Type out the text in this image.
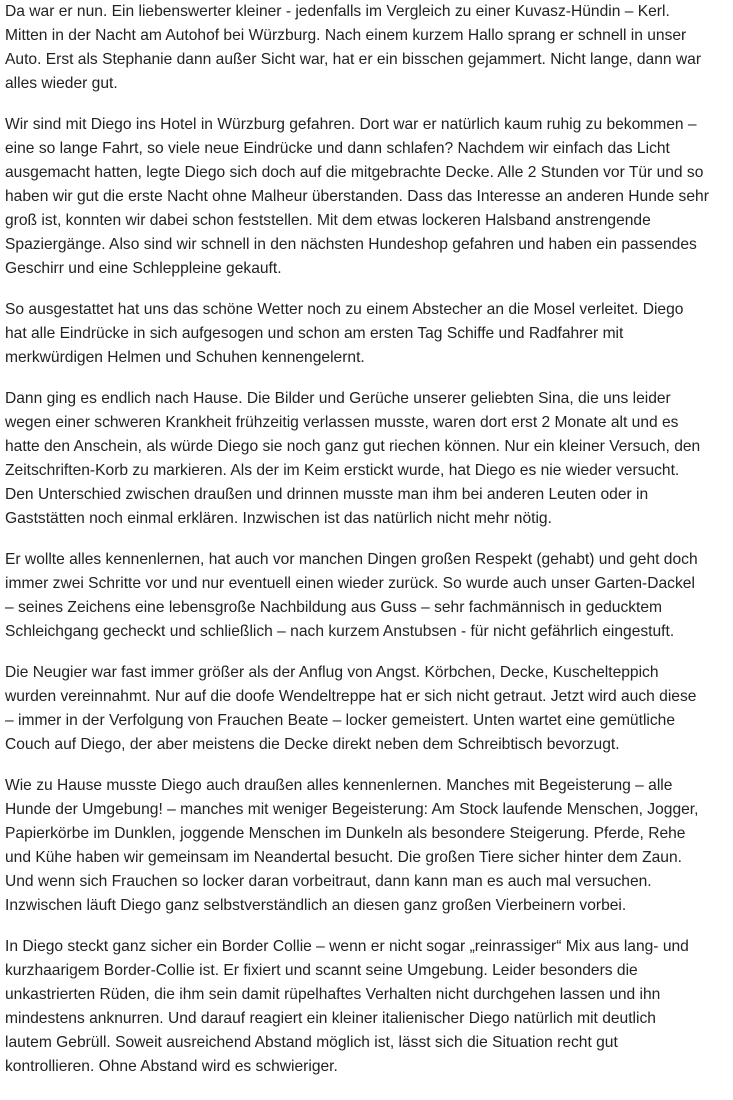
Da war er nun. Ein liebenswerter kleiner - jedenfalls im Vergleich zu einer Kuvasz-Hündin – Kerl.
Mitten in der Nacht am Autohof bei Würzburg. Nach einem kurzem Hallo sprang er schnell in unser
Auto. Erst als Stephanie dann außer Sicht war, hat er ein bisschen gejammert. Nicht lange, dann war
alles wieder gut.
Wir sind mit Diego ins Hotel in Würzburg gefahren. Dort war er natürlich kaum ruhig zu bekommen –
eine so lange Fahrt, so viele neue Eindrücke und dann schlafen? Nachdem wir einfach das Licht
ausgemacht hatten, legte Diego sich doch auf die mitgebrachte Decke. Alle 2 Stunden vor Tür und so
haben wir gut die erste Nacht ohne Malheur überstanden. Dass das Interesse an anderen Hunde sehr
groß ist, konnten wir dabei schon feststellen. Mit dem etwas lockeren Halsband anstrengende
Spaziergänge. Also sind wir schnell in den nächsten Hundeshop gefahren und haben ein passendes
Geschirr und eine Schleppleine gekauft.
So ausgestattet hat uns das schöne Wetter noch zu einem Abstecher an die Mosel verleitet. Diego
hat alle Eindrücke in sich aufgesogen und schon am ersten Tag Schiffe und Radfahrer mit
merkwürdigen Helmen und Schuhen kennengelernt.
Dann ging es endlich nach Hause. Die Bilder und Gerüche unserer geliebten Sina, die uns leider
wegen einer schweren Krankheit frühzeitig verlassen musste, waren dort erst 2 Monate alt und es
hatte den Anschein, als würde Diego sie noch ganz gut riechen können. Nur ein kleiner Versuch, den
Zeitschriften-Korb zu markieren. Als der im Keim erstickt wurde, hat Diego es nie wieder versucht.
Den Unterschied zwischen draußen und drinnen musste man ihm bei anderen Leuten oder in
Gaststätten noch einmal erklären. Inzwischen ist das natürlich nicht mehr nötig.
Er wollte alles kennenlernen, hat auch vor manchen Dingen großen Respekt (gehabt) und geht doch
immer zwei Schritte vor und nur eventuell einen wieder zurück. So wurde auch unser Garten-Dackel
– seines Zeichens eine lebensgroße Nachbildung aus Guss – sehr fachmännisch in geducktem
Schleichgang gecheckt und schließlich – nach kurzem Anstubsen - für nicht gefährlich eingestuft.
Die Neugier war fast immer größer als der Anflug von Angst. Körbchen, Decke, Kuschelteppich
wurden vereinnahmt. Nur auf die doofe Wendeltreppe hat er sich nicht getraut. Jetzt wird auch diese
– immer in der Verfolgung von Frauchen Beate – locker gemeistert. Unten wartet eine gemütliche
Couch auf Diego, der aber meistens die Decke direkt neben dem Schreibtisch bevorzugt.
Wie zu Hause musste Diego auch draußen alles kennenlernen. Manches mit Begeisterung – alle
Hunde der Umgebung! – manches mit weniger Begeisterung: Am Stock laufende Menschen, Jogger,
Papierkörbe im Dunklen, joggende Menschen im Dunkeln als besondere Steigerung. Pferde, Rehe
und Kühe haben wir gemeinsam im Neandertal besucht. Die großen Tiere sicher hinter dem Zaun.
Und wenn sich Frauchen so locker daran vorbeitraut, dann kann man es auch mal versuchen.
Inzwischen läuft Diego ganz selbstverständlich an diesen ganz großen Vierbeinern vorbei.
In Diego steckt ganz sicher ein Border Collie – wenn er nicht sogar „reinrassiger“ Mix aus lang- und
kurzhaarigem Border-Collie ist. Er fixiert und scannt seine Umgebung. Leider besonders die
unkastrierten Rüden, die ihm sein damit rüpelhaftes Verhalten nicht durchgehen lassen und ihn
mindestens anknurren. Und darauf reagiert ein kleiner italienischer Diego natürlich mit deutlich
lautem Gebrüll. Soweit ausreichend Abstand möglich ist, lässt sich die Situation recht gut
kontrollieren. Ohne Abstand wird es schwieriger.
